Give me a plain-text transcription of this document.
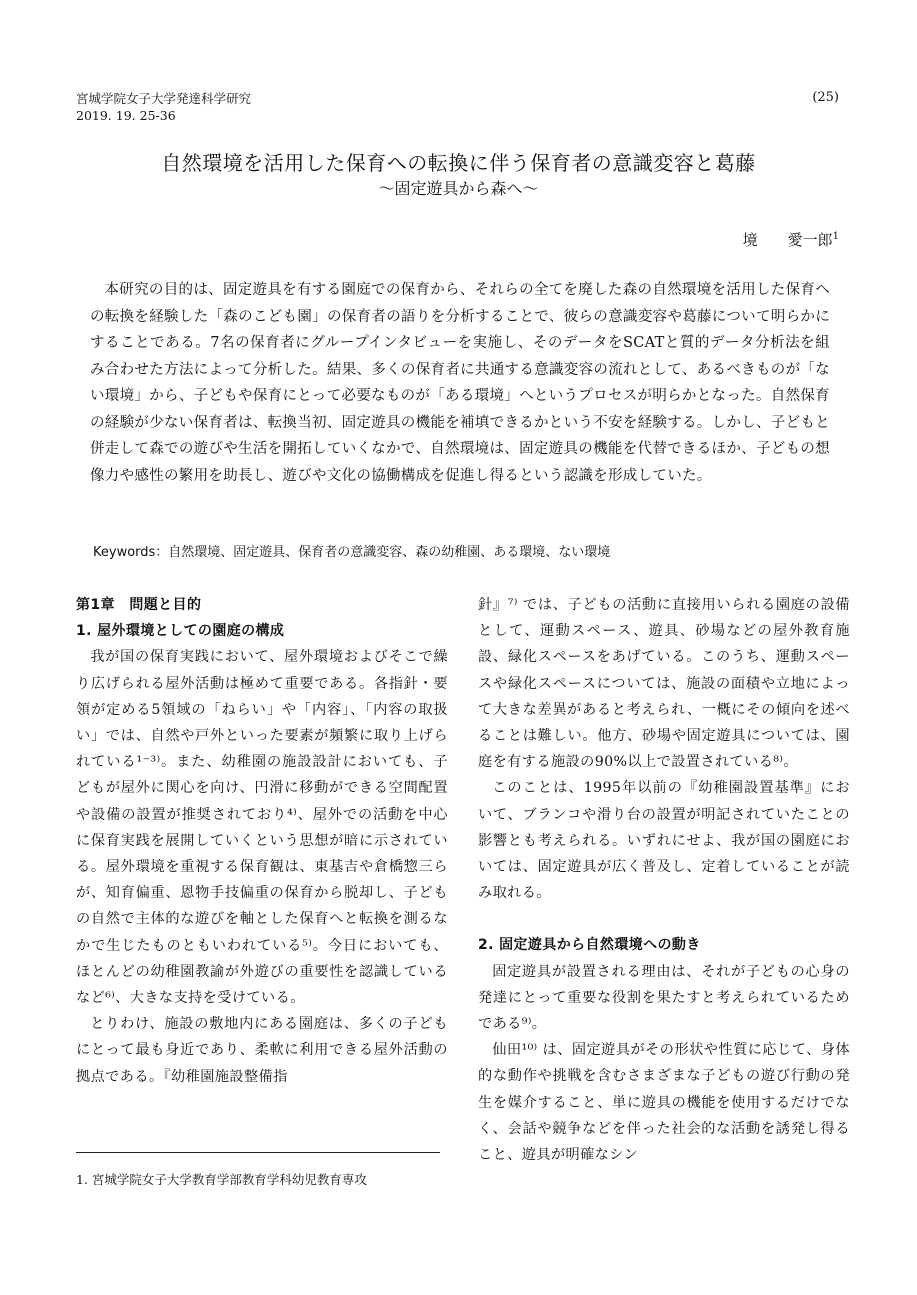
宮城学院女子大学発達科学研究
2019. 19. 25-36
(25)
自然環境を活用した保育への転換に伴う保育者の意識変容と葛藤
～固定遊具から森へ～
境　　愛一郎$^1$
本研究の目的は、固定遊具を有する園庭での保育から、それらの全てを廃した森の自然環境を活用した保育への転換を経験した「森のこども園」の保育者の語りを分析することで、彼らの意識変容や葛藤について明らかにすることである。7名の保育者にグループインタビューを実施し、そのデータをSCATと質的データ分析法を組み合わせた方法によって分析した。結果、多くの保育者に共通する意識変容の流れとして、あるべきものが「ない環境」から、子どもや保育にとって必要なものが「ある環境」へというプロセスが明らかとなった。自然保育の経験が少ない保育者は、転換当初、固定遊具の機能を補填できるかという不安を経験する。しかし、子どもと併走して森での遊びや生活を開拓していくなかで、自然環境は、固定遊具の機能を代替できるほか、子どもの想像力や感性の繁用を助長し、遊びや文化の協働構成を促進し得るという認識を形成していた。
Keywords：自然環境、固定遊具、保育者の意識変容、森の幼稚園、ある環境、ない環境
第1章　問題と目的
1. 屋外環境としての園庭の構成

我が国の保育実践において、屋外環境およびそこで繰り広げられる屋外活動は極めて重要である。各指針・要領が定める5領域の「ねらい」や「内容」、「内容の取扱い」では、自然や戸外といった要素が頻繁に取り上げられている¹⁻³⁾。また、幼稚園の施設設計においても、子どもが屋外に関心を向け、円滑に移動ができる空間配置や設備の設置が推奨されており⁴⁾、屋外での活動を中心に保育実践を展開していくという思想が暗に示されている。屋外環境を重視する保育観は、東基吉や倉橋惣三らが、知育偏重、恩物手技偏重の保育から脱却し、子どもの自然で主体的な遊びを軸とした保育へと転換を測るなかで生じたものともいわれている⁵⁾。今日においても、ほとんどの幼稚園教諭が外遊びの重要性を認識しているなど⁶⁾、大きな支持を受けている。

とりわけ、施設の敷地内にある園庭は、多くの子どもにとって最も身近であり、柔軟に利用できる屋外活動の拠点である。『幼稚園施設整備指

針』⁷⁾ では、子どもの活動に直接用いられる園庭の設備として、運動スペース、遊具、砂場などの屋外教育施設、緑化スペースをあげている。このうち、運動スペースや緑化スペースについては、施設の面積や立地によって大きな差異があると考えられ、一概にその傾向を述べることは難しい。他方、砂場や固定遊具については、園庭を有する施設の90%以上で設置されている⁸⁾。

このことは、1995年以前の『幼稚園設置基準』において、ブランコや滑り台の設置が明記されていたことの影響とも考えられる。いずれにせよ、我が国の園庭においては、固定遊具が広く普及し、定着していることが読み取れる。

2. 固定遊具から自然環境への動き

固定遊具が設置される理由は、それが子どもの心身の発達にとって重要な役割を果たすと考えられているためである⁹⁾。

仙田¹⁰⁾ は、固定遊具がその形状や性質に応じて、身体的な動作や挑戦を含むさまざまな子どもの遊び行動の発生を媒介すること、単に遊具の機能を使用するだけでなく、会話や競争などを伴った社会的な活動を誘発し得ること、遊具が明確なシン

1. 宮城学院女子大学教育学部教育学科幼児教育専攻
